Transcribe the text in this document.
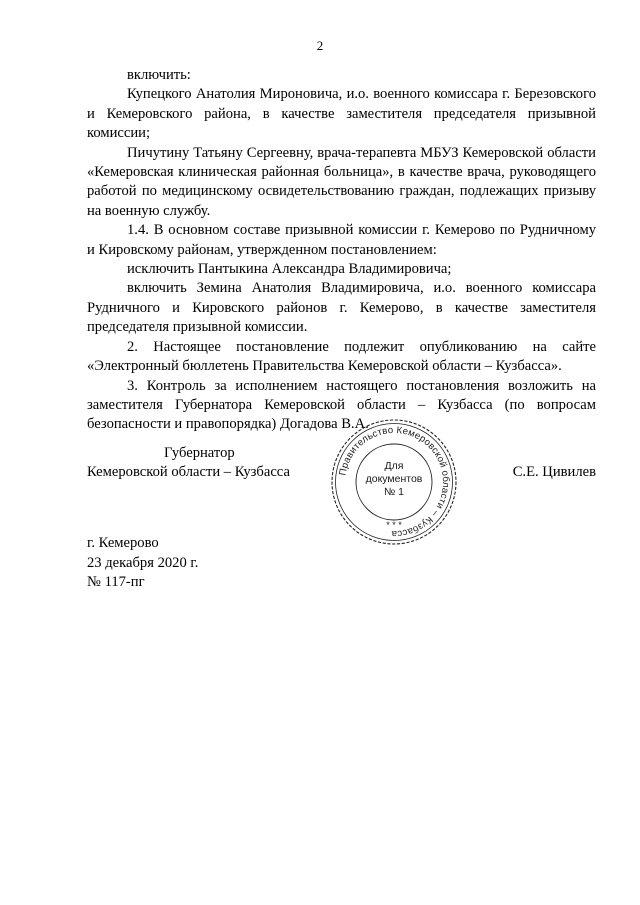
2

включить:

Купецкого Анатолия Мироновича, и.о. военного комиссара г. Березовского и Кемеровского района, в качестве заместителя председателя призывной комиссии;

Пичутину Татьяну Сергеевну, врача-терапевта МБУЗ Кемеровской области «Кемеровская клиническая районная больница», в качестве врача, руководящего работой по медицинскому освидетельствованию граждан, подлежащих призыву на военную службу.

1.4. В основном составе призывной комиссии г. Кемерово по Рудничному и Кировскому районам, утвержденном постановлением:

исключить Пантыкина Александра Владимировича;

включить Земина Анатолия Владимировича, и.о. военного комиссара Рудничного и Кировского районов г. Кемерово, в качестве заместителя председателя призывной комиссии.

2. Настоящее постановление подлежит опубликованию на сайте «Электронный бюллетень Правительства Кемеровской области – Кузбасса».

3. Контроль за исполнением настоящего постановления возложить на заместителя Губернатора Кемеровской области – Кузбасса (по вопросам безопасности и правопорядка) Догадова В.А.

Губернатор
Кемеровской области – Кузбасса	С.Е. Цивилев
Правительство Кемеровской области – Кузбасса
* * *
Для
документов
№ 1
г. Кемерово
23 декабря 2020 г.
№ 117-пг
